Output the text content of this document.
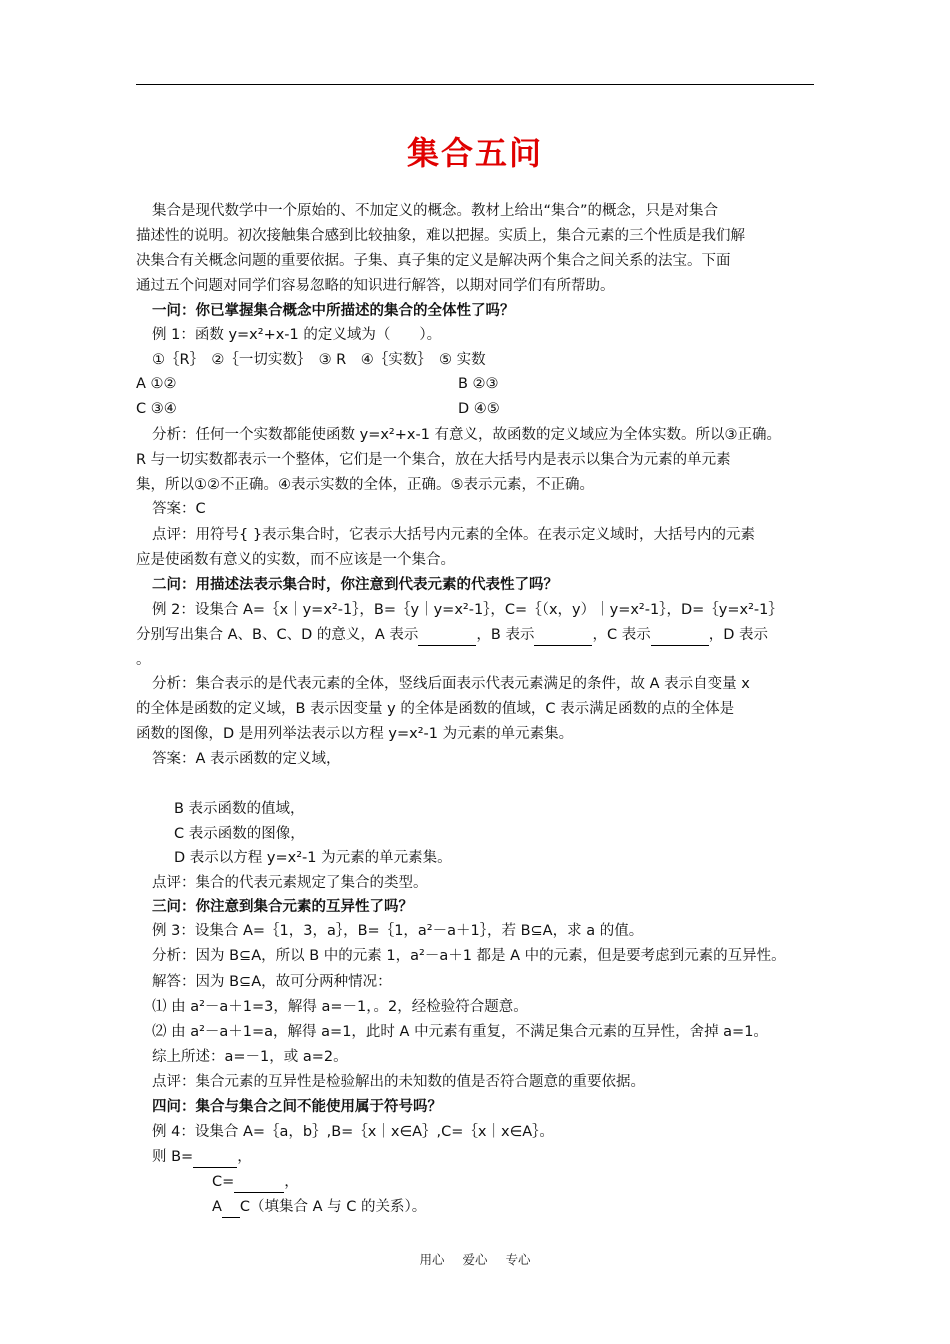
集合五问
集合是现代数学中一个原始的、不加定义的概念。教材上给出“集合”的概念，只是对集合
描述性的说明。初次接触集合感到比较抽象，难以把握。实质上，集合元素的三个性质是我们解
决集合有关概念问题的重要依据。子集、真子集的定义是解决两个集合之间关系的法宝。下面
通过五个问题对同学们容易忽略的知识进行解答，以期对同学们有所帮助。
一问：你已掌握集合概念中所描述的集合的全体性了吗？
例 1：函数 y=x²+x-1 的定义域为（　　）。
①｛R｝　②｛一切实数｝　③ R　④｛实数｝　⑤ 实数
A ①②	B ②③
C ③④	D ④⑤
分析：任何一个实数都能使函数 y=x²+x-1 有意义，故函数的定义域应为全体实数。所以③正确。
R 与一切实数都表示一个整体，它们是一个集合，放在大括号内是表示以集合为元素的单元素
集，所以①②不正确。④表示实数的全体，正确。⑤表示元素，不正确。
答案：C
点评：用符号{ }表示集合时，它表示大括号内元素的全体。在表示定义域时，大括号内的元素
应是使函数有意义的实数，而不应该是一个集合。
二问：用描述法表示集合时，你注意到代表元素的代表性了吗？
例 2：设集合 A=｛x｜y=x²-1｝，B=｛y｜y=x²-1｝，C=｛（x，y）｜y=x²-1｝，D=｛y=x²-1｝
分别写出集合 A、B、C、D 的意义，A 表示	，B 表示	，C 表示	，D 表示
。
分析：集合表示的是代表元素的全体，竖线后面表示代表元素满足的条件，故 A 表示自变量 x
的全体是函数的定义域，B 表示因变量 y 的全体是函数的值域，C 表示满足函数的点的全体是
函数的图像，D 是用列举法表示以方程 y=x²-1 为元素的单元素集。
答案：A 表示函数的定义域，
B 表示函数的值域，
C 表示函数的图像，
D 表示以方程 y=x²-1 为元素的单元素集。
点评：集合的代表元素规定了集合的类型。
三问：你注意到集合元素的互异性了吗？
例 3：设集合 A=｛1，3，a｝，B=｛1，a²－a＋1｝，若 B⊆A，求 a 的值。
分析：因为 B⊆A，所以 B 中的元素 1，a²－a＋1 都是 A 中的元素，但是要考虑到元素的互异性。
解答：因为 B⊆A，故可分两种情况：
⑴ 由 a²－a＋1=3，解得 a=－1，。2，经检验符合题意。
⑵ 由 a²－a＋1=a，解得 a=1，此时 A 中元素有重复，不满足集合元素的互异性，舍掉 a=1。
综上所述：a=－1，或 a=2。
点评：集合元素的互异性是检验解出的未知数的值是否符合题意的重要依据。
四问：集合与集合之间不能使用属于符号吗？
例 4：设集合 A=｛a，b｝,B=｛x｜x∈A｝,C=｛x｜x∈A｝。
则 B=	，
C=	，
A C（填集合 A 与 C 的关系）。
用心 爱心 专心
